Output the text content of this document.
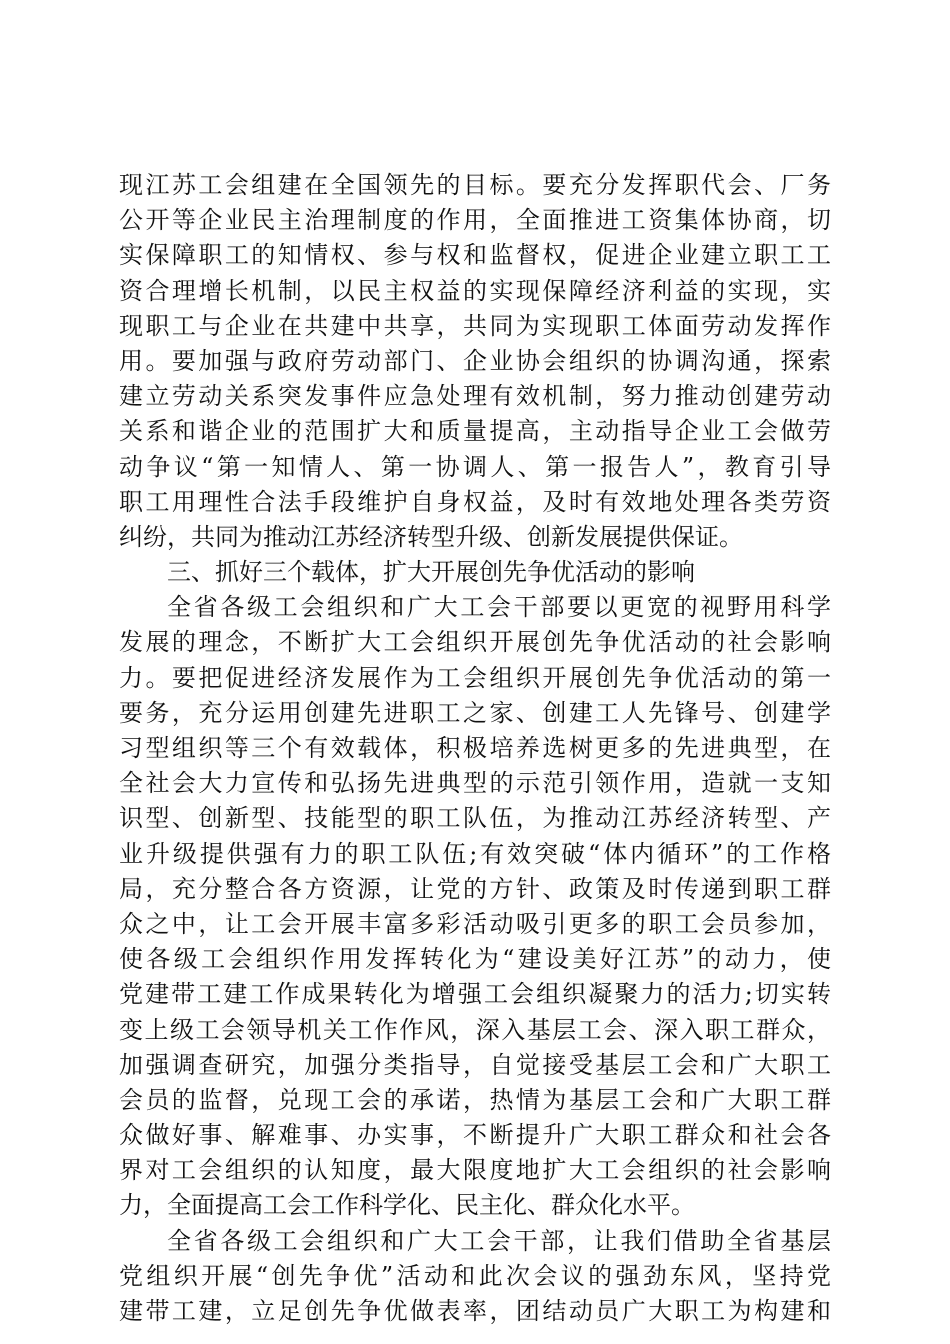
现江苏工会组建在全国领先的目标。要充分发挥职代会、厂务
公开等企业民主治理制度的作用，全面推进工资集体协商，切
实保障职工的知情权、参与权和监督权，促进企业建立职工工
资合理增长机制，以民主权益的实现保障经济利益的实现，实
现职工与企业在共建中共享，共同为实现职工体面劳动发挥作
用。要加强与政府劳动部门、企业协会组织的协调沟通，探索
建立劳动关系突发事件应急处理有效机制，努力推动创建劳动
关系和谐企业的范围扩大和质量提高，主动指导企业工会做劳
动争议“第一知情人、第一协调人、第一报告人”，教育引导
职工用理性合法手段维护自身权益，及时有效地处理各类劳资
纠纷，共同为推动江苏经济转型升级、创新发展提供保证。
三、抓好三个载体，扩大开展创先争优活动的影响
全省各级工会组织和广大工会干部要以更宽的视野用科学
发展的理念，不断扩大工会组织开展创先争优活动的社会影响
力。要把促进经济发展作为工会组织开展创先争优活动的第一
要务，充分运用创建先进职工之家、创建工人先锋号、创建学
习型组织等三个有效载体，积极培养选树更多的先进典型，在
全社会大力宣传和弘扬先进典型的示范引领作用，造就一支知
识型、创新型、技能型的职工队伍，为推动江苏经济转型、产
业升级提供强有力的职工队伍;有效突破“体内循环”的工作格
局，充分整合各方资源，让党的方针、政策及时传递到职工群
众之中，让工会开展丰富多彩活动吸引更多的职工会员参加，
使各级工会组织作用发挥转化为“建设美好江苏”的动力，使
党建带工建工作成果转化为增强工会组织凝聚力的活力;切实转
变上级工会领导机关工作作风，深入基层工会、深入职工群众，
加强调查研究，加强分类指导，自觉接受基层工会和广大职工
会员的监督，兑现工会的承诺，热情为基层工会和广大职工群
众做好事、解难事、办实事，不断提升广大职工群众和社会各
界对工会组织的认知度，最大限度地扩大工会组织的社会影响
力，全面提高工会工作科学化、民主化、群众化水平。
全省各级工会组织和广大工会干部，让我们借助全省基层
党组织开展“创先争优”活动和此次会议的强劲东风，坚持党
建带工建，立足创先争优做表率，团结动员广大职工为构建和
